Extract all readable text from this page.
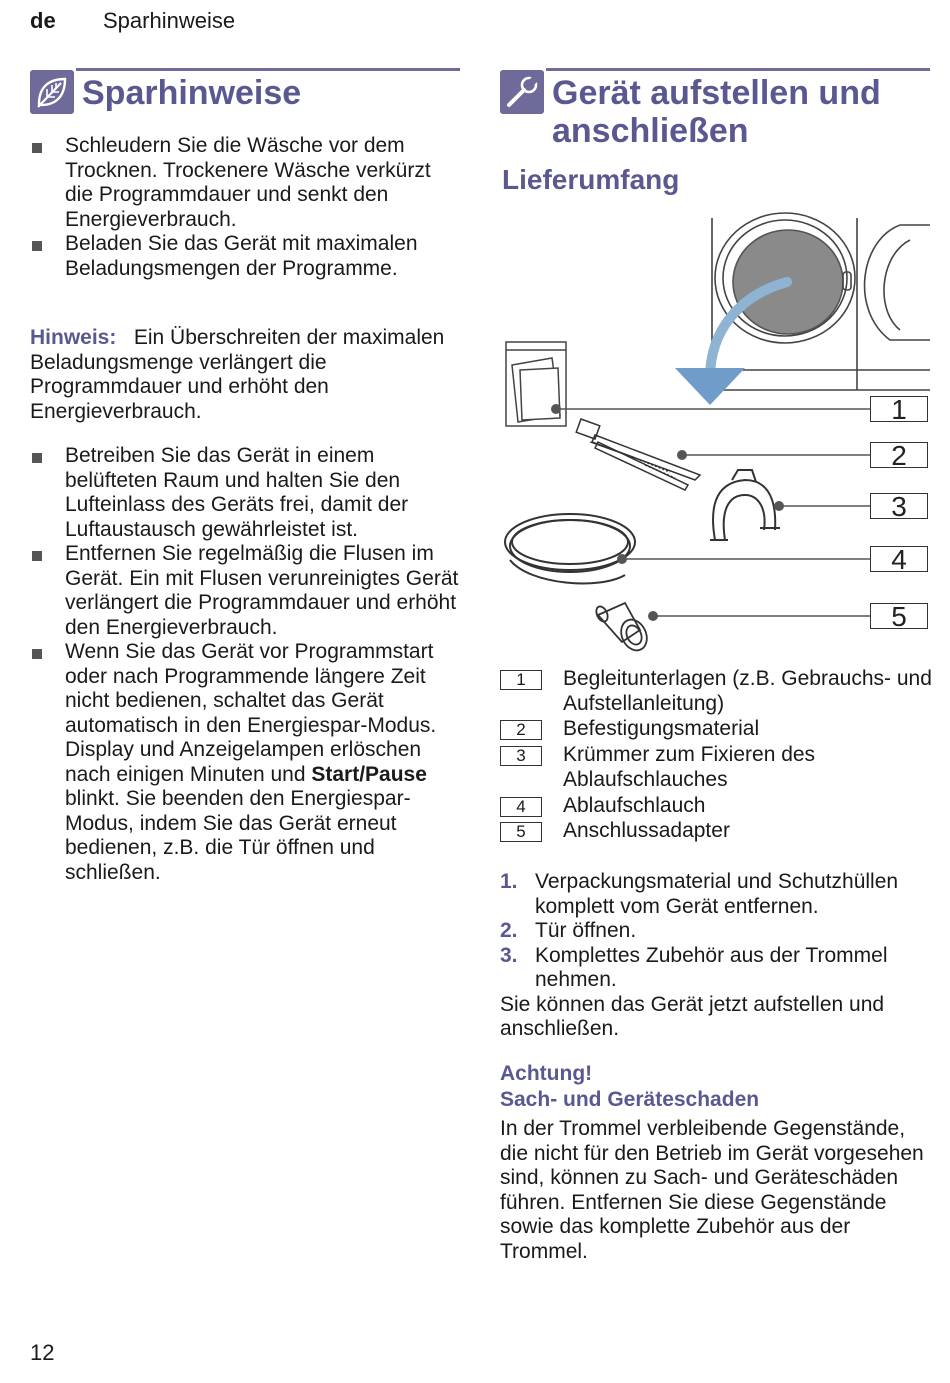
de Sparhinweise
Sparhinweise
Schleudern Sie die Wäsche vor dem Trocknen. Trockenere Wäsche verkürzt die Programmdauer und senkt den Energieverbrauch.
Beladen Sie das Gerät mit maximalen Beladungsmengen der Programme.
Hinweis: Ein Überschreiten der maximalen Beladungsmenge verlängert die Programmdauer und erhöht den Energieverbrauch.
Betreiben Sie das Gerät in einem belüfteten Raum und halten Sie den Lufteinlass des Geräts frei, damit der Luftaustausch gewährleistet ist.
Entfernen Sie regelmäßig die Flusen im Gerät. Ein mit Flusen verunreinigtes Gerät verlängert die Programmdauer und erhöht den Energieverbrauch.
Wenn Sie das Gerät vor Programmstart oder nach Programmende längere Zeit nicht bedienen, schaltet das Gerät automatisch in den Energiespar-Modus. Display und Anzeigelampen erlöschen nach einigen Minuten und Start/Pause blinkt. Sie beenden den Energiespar-Modus, indem Sie das Gerät erneut bedienen, z.B. die Tür öffnen und schließen.
Gerät aufstellen und
anschließen
Lieferumfang
1
2
3
4
5
1	Begleitunterlagen (z.B. Gebrauchs- und Aufstellanleitung)
2	Befestigungsmaterial
3	Krümmer zum Fixieren des Ablaufschlauches
4	Ablaufschlauch
5	Anschlussadapter
1. Verpackungsmaterial und Schutzhüllen komplett vom Gerät entfernen.
2. Tür öffnen.
3. Komplettes Zubehör aus der Trommel nehmen.
Sie können das Gerät jetzt aufstellen und anschließen.
Achtung!
Sach- und Geräteschaden
In der Trommel verbleibende Gegenstände, die nicht für den Betrieb im Gerät vorgesehen sind, können zu Sach- und Geräteschäden führen. Entfernen Sie diese Gegenstände sowie das komplette Zubehör aus der Trommel.
12
